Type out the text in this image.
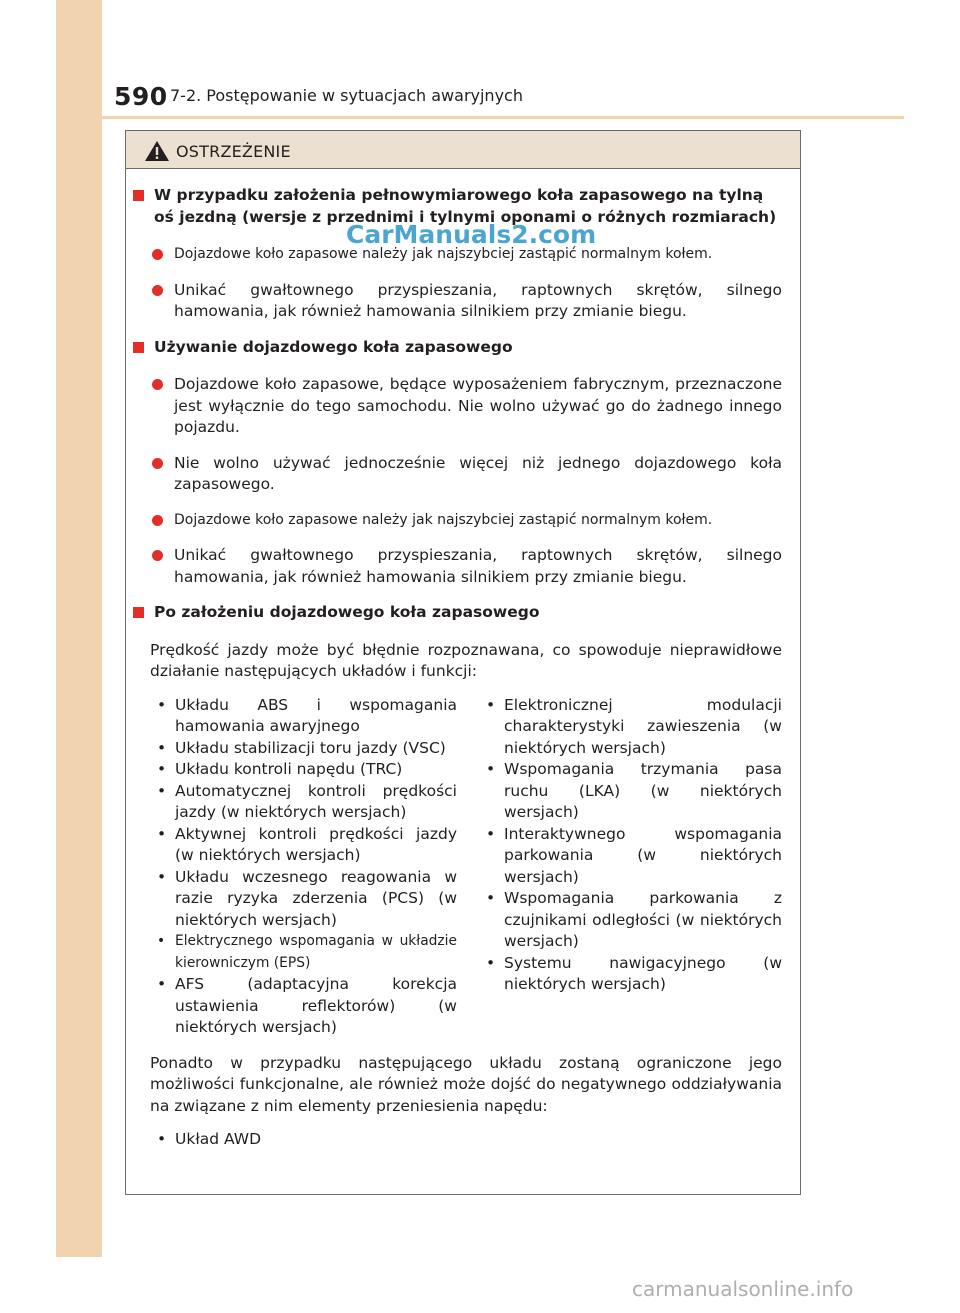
590 7-2. Postępowanie w sytuacjach awaryjnych
OSTRZEŻENIE
W przypadku założenia pełnowymiarowego koła zapasowego na tylną oś jezdną (wersje z przednimi i tylnymi oponami o różnych rozmiarach)
Dojazdowe koło zapasowe należy jak najszybciej zastąpić normalnym kołem.
Unikać gwałtownego przyspieszania, raptownych skrętów, silnego hamowania, jak również hamowania silnikiem przy zmianie biegu.
Używanie dojazdowego koła zapasowego
Dojazdowe koło zapasowe, będące wyposażeniem fabrycznym, przeznaczone jest wyłącznie do tego samochodu. Nie wolno używać go do żadnego innego pojazdu.
Nie wolno używać jednocześnie więcej niż jednego dojazdowego koła zapasowego.
Dojazdowe koło zapasowe należy jak najszybciej zastąpić normalnym kołem.
Unikać gwałtownego przyspieszania, raptownych skrętów, silnego hamowania, jak również hamowania silnikiem przy zmianie biegu.
Po założeniu dojazdowego koła zapasowego
Prędkość jazdy może być błędnie rozpoznawana, co spowoduje nieprawidłowe działanie następujących układów i funkcji:
• Układu ABS i wspomagania hamowania awaryjnego
• Układu stabilizacji toru jazdy (VSC)
• Układu kontroli napędu (TRC)
• Automatycznej kontroli prędkości jazdy (w niektórych wersjach)
• Aktywnej kontroli prędkości jazdy (w niektórych wersjach)
• Układu wczesnego reagowania w razie ryzyka zderzenia (PCS) (w niektórych wersjach)
• Elektrycznego wspomagania w układzie kierowniczym (EPS)
• AFS (adaptacyjna korekcja ustawienia reflektorów) (w niektórych wersjach)
• Elektronicznej modulacji charakterystyki zawieszenia (w niektórych wersjach)
• Wspomagania trzymania pasa ruchu (LKA) (w niektórych wersjach)
• Interaktywnego wspomagania parkowania (w niektórych wersjach)
• Wspomagania parkowania z czujnikami odległości (w niektórych wersjach)
• Systemu nawigacyjnego (w niektórych wersjach)
Ponadto w przypadku następującego układu zostaną ograniczone jego możliwości funkcjonalne, ale również może dojść do negatywnego oddziaływania na związane z nim elementy przeniesienia napędu:
• Układ AWD
CarManuals2.com
carmanualsonline.info
